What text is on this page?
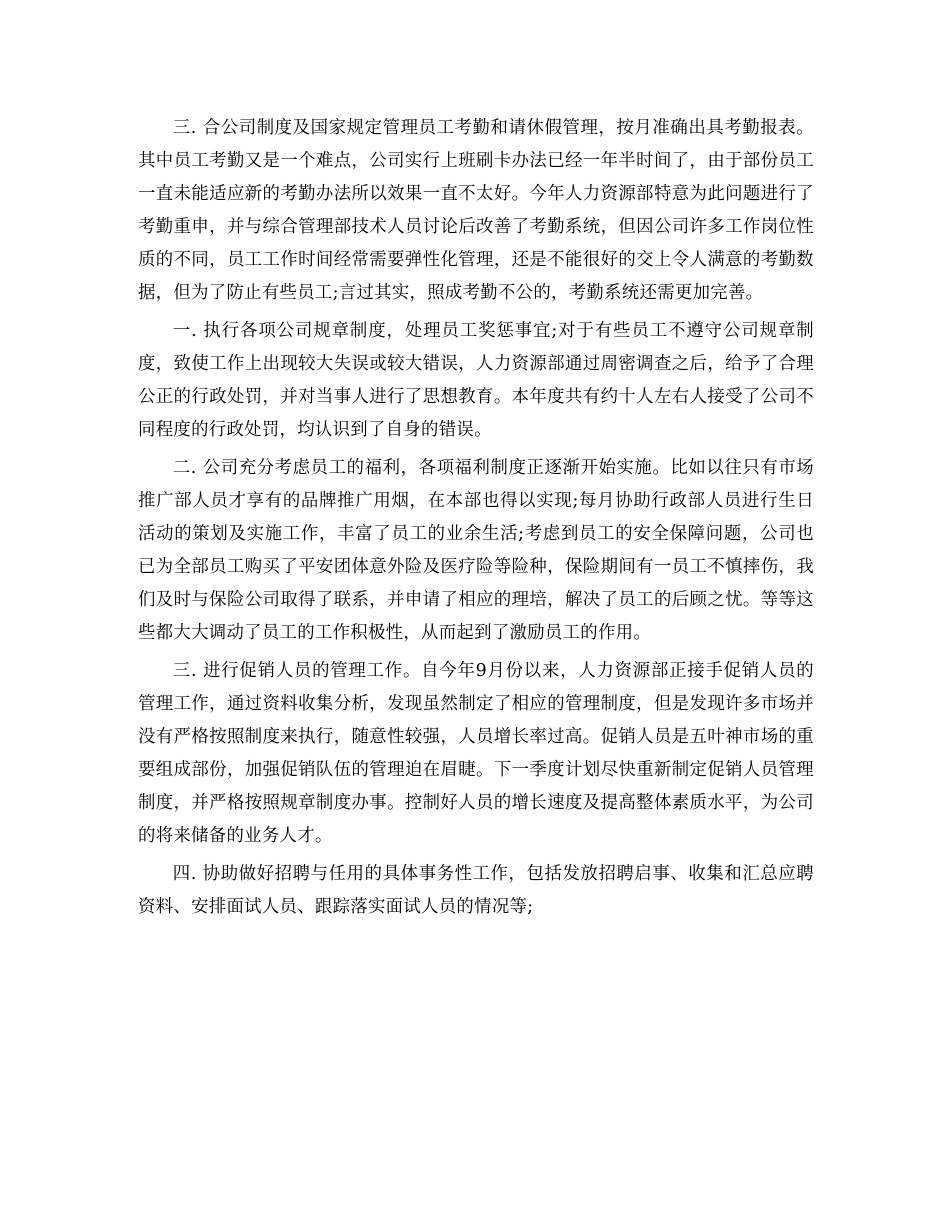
三. 合公司制度及国家规定管理员工考勤和请休假管理，按月准确出具考勤报表。其中员工考勤又是一个难点，公司实行上班刷卡办法已经一年半时间了，由于部份员工一直未能适应新的考勤办法所以效果一直不太好。今年人力资源部特意为此问题进行了考勤重申，并与综合管理部技术人员讨论后改善了考勤系统，但因公司许多工作岗位性质的不同，员工工作时间经常需要弹性化管理，还是不能很好的交上令人满意的考勤数据，但为了防止有些员工;言过其实，照成考勤不公的，考勤系统还需更加完善。

一. 执行各项公司规章制度，处理员工奖惩事宜;对于有些员工不遵守公司规章制度，致使工作上出现较大失误或较大错误，人力资源部通过周密调查之后，给予了合理公正的行政处罚，并对当事人进行了思想教育。本年度共有约十人左右人接受了公司不同程度的行政处罚，均认识到了自身的错误。

二. 公司充分考虑员工的福利，各项福利制度正逐渐开始实施。比如以往只有市场推广部人员才享有的品牌推广用烟，在本部也得以实现;每月协助行政部人员进行生日活动的策划及实施工作，丰富了员工的业余生活;考虑到员工的安全保障问题，公司也已为全部员工购买了平安团体意外险及医疗险等险种，保险期间有一员工不慎摔伤，我们及时与保险公司取得了联系，并申请了相应的理培，解决了员工的后顾之忧。等等这些都大大调动了员工的工作积极性，从而起到了激励员工的作用。

三. 进行促销人员的管理工作。自今年9月份以来，人力资源部正接手促销人员的管理工作，通过资料收集分析，发现虽然制定了相应的管理制度，但是发现许多市场并没有严格按照制度来执行，随意性较强，人员增长率过高。促销人员是五叶神市场的重要组成部份，加强促销队伍的管理迫在眉睫。下一季度计划尽快重新制定促销人员管理制度，并严格按照规章制度办事。控制好人员的增长速度及提高整体素质水平，为公司的将来储备的业务人才。

四. 协助做好招聘与任用的具体事务性工作，包括发放招聘启事、收集和汇总应聘资料、安排面试人员、跟踪落实面试人员的情况等;
